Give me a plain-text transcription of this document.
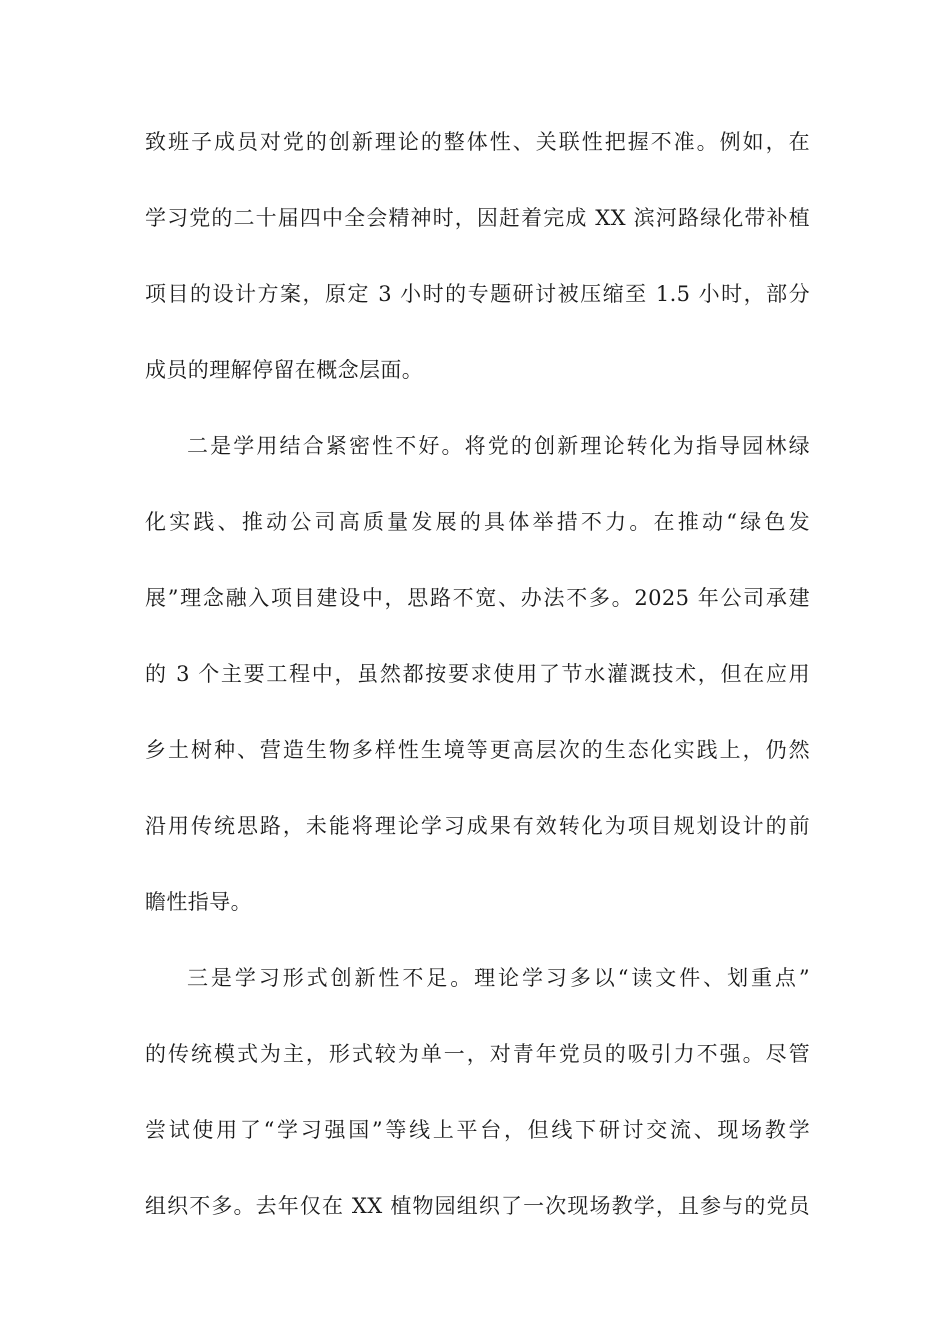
致班子成员对党的创新理论的整体性、关联性把握不准。例如，在
学习党的二十届四中全会精神时，因赶着完成 XX 滨河路绿化带补植
项目的设计方案，原定 3 小时的专题研讨被压缩至 1.5 小时，部分
成员的理解停留在概念层面。
二是学用结合紧密性不好。将党的创新理论转化为指导园林绿
化实践、推动公司高质量发展的具体举措不力。在推动“绿色发
展”理念融入项目建设中，思路不宽、办法不多。2025 年公司承建
的 3 个主要工程中，虽然都按要求使用了节水灌溉技术，但在应用
乡土树种、营造生物多样性生境等更高层次的生态化实践上，仍然
沿用传统思路，未能将理论学习成果有效转化为项目规划设计的前
瞻性指导。
三是学习形式创新性不足。理论学习多以“读文件、划重点”
的传统模式为主，形式较为单一，对青年党员的吸引力不强。尽管
尝试使用了“学习强国”等线上平台，但线下研讨交流、现场教学
组织不多。去年仅在 XX 植物园组织了一次现场教学，且参与的党员
